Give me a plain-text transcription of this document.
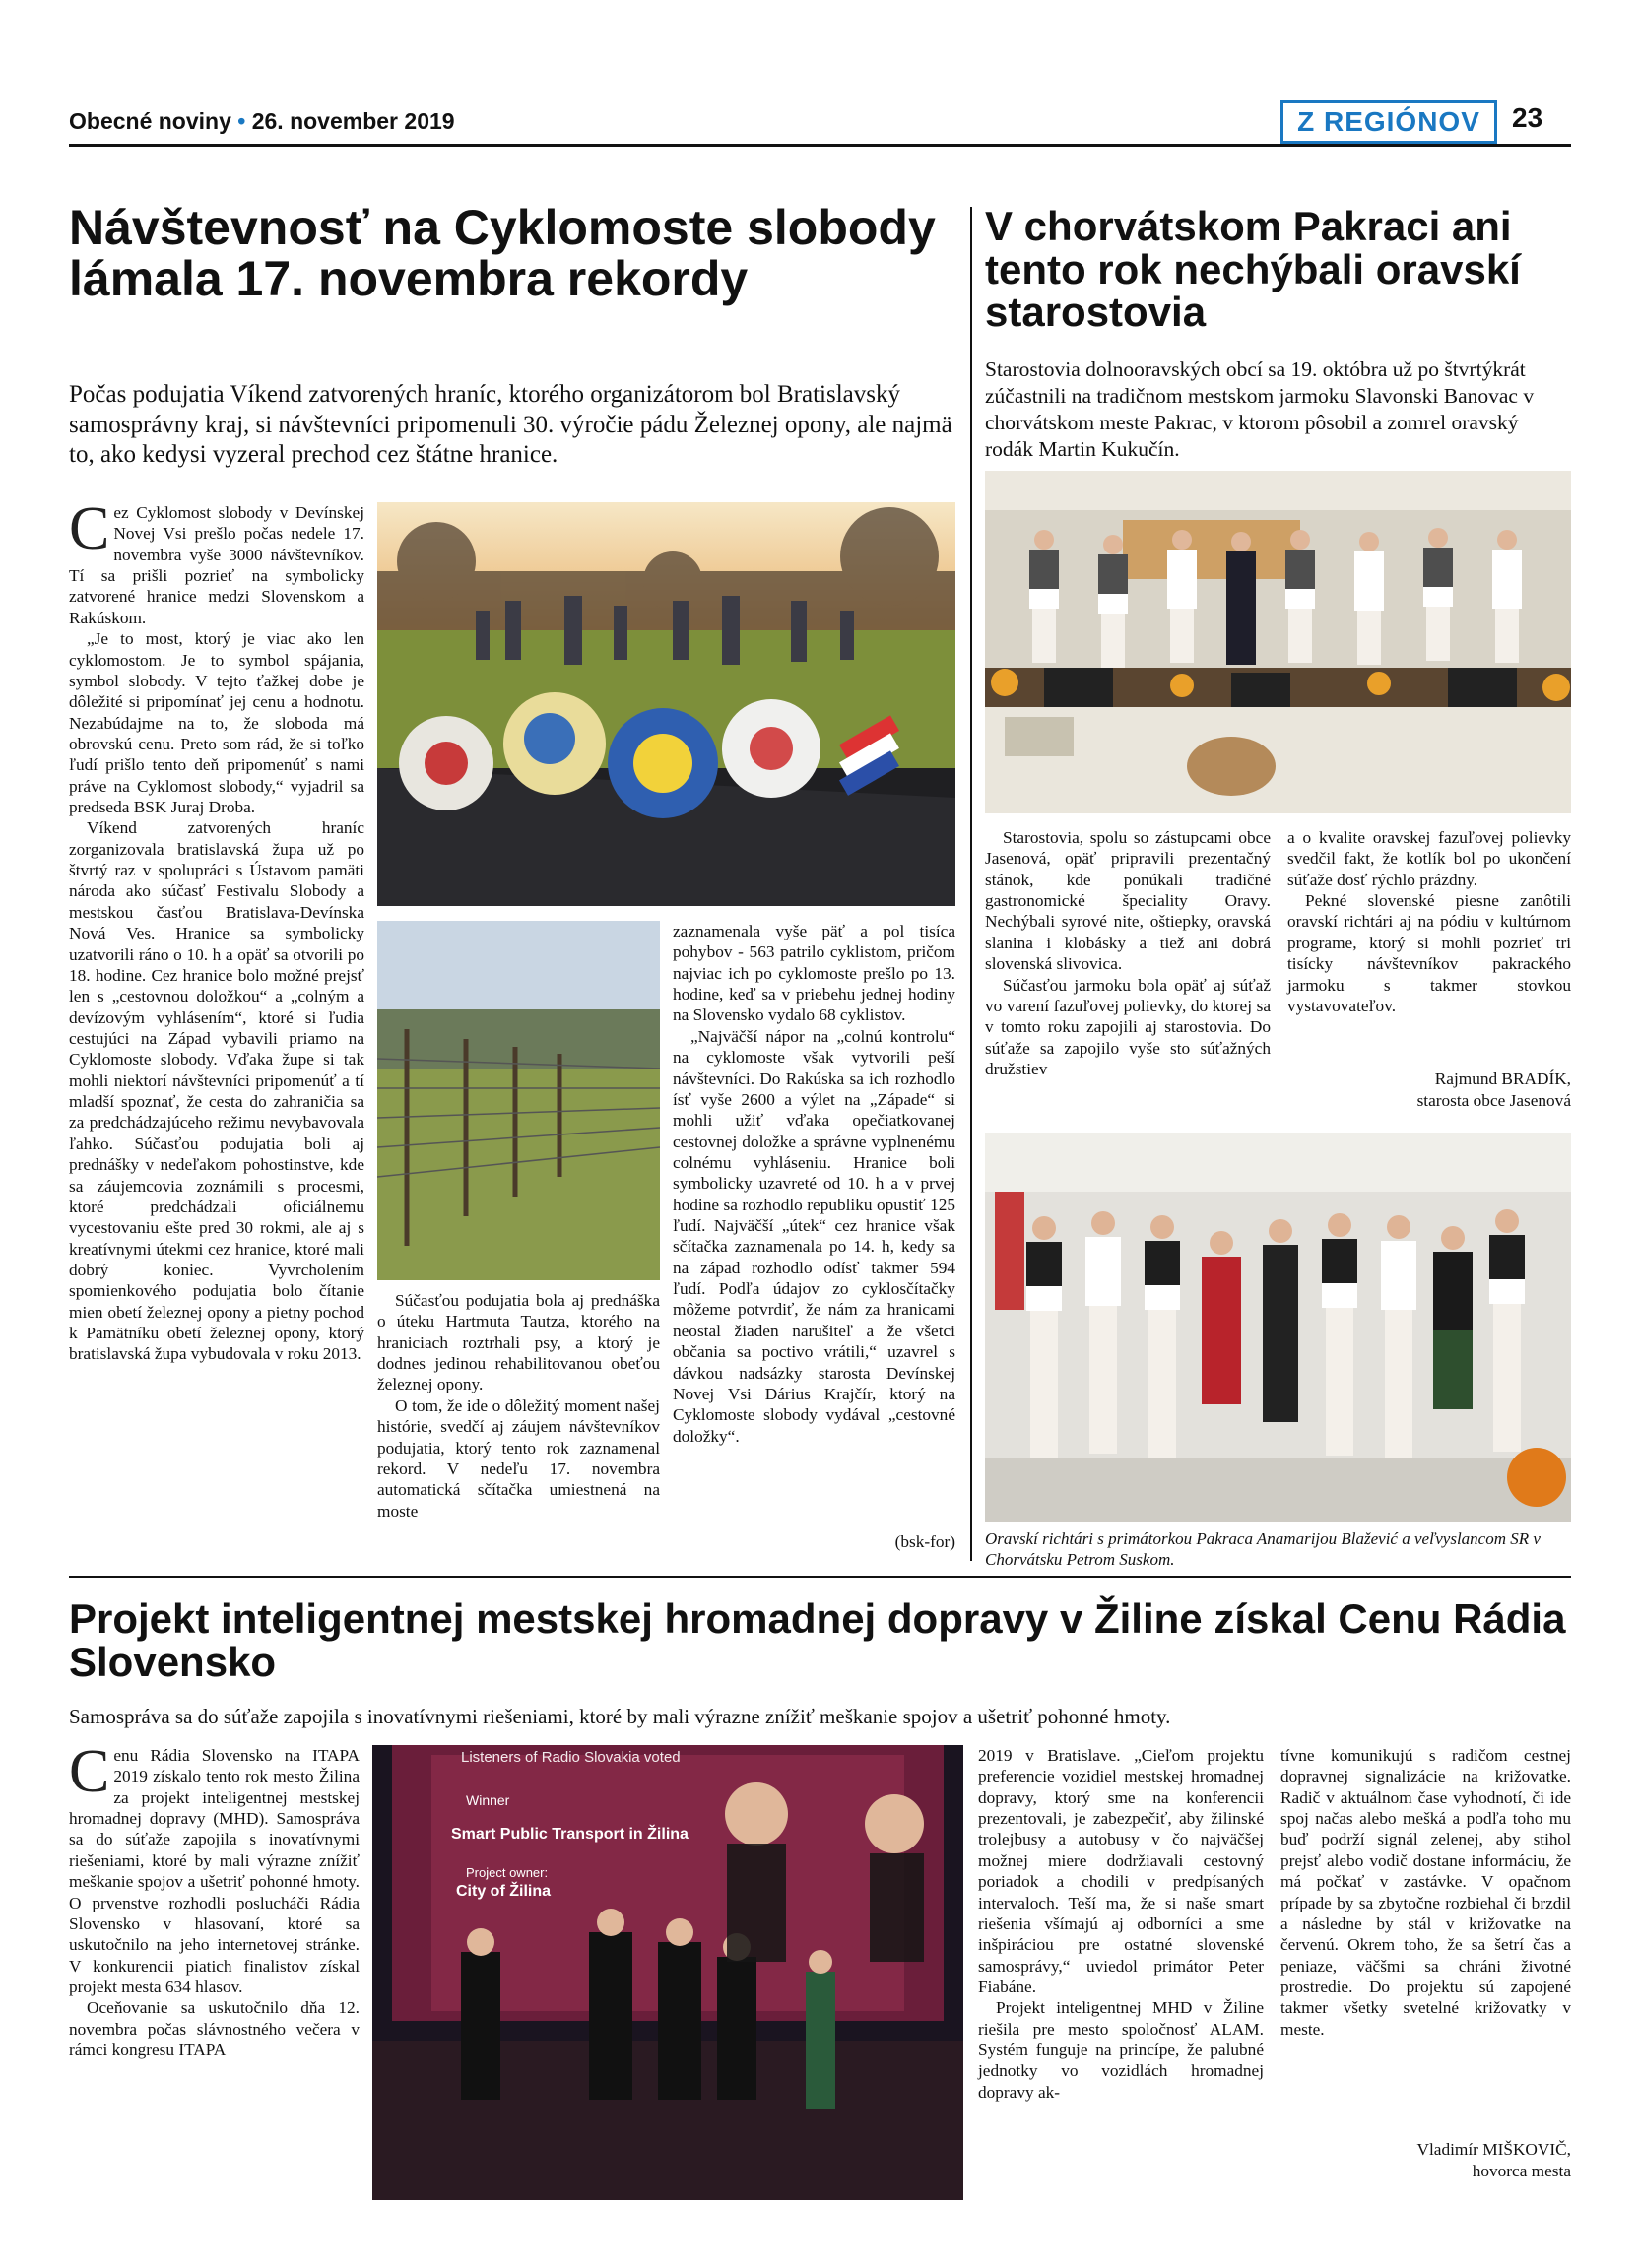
Obecné noviny • 26. november 2019	Z REGIÓNOV	23
Návštevnosť na Cyklomoste slobody lámala 17. novembra rekordy
Počas podujatia Víkend zatvorených hraníc, ktorého organizátorom bol Bratislavský samosprávny kraj, si návštevníci pripomenuli 30. výročie pádu Železnej opony, ale najmä to, ako kedysi vyzeral prechod cez štátne hranice.
C ez Cyklomost slobody v Devínskej Novej Vsi prešlo počas nedele 17. novembra vyše 3000 návštevníkov. Tí sa prišli pozrieť na symbolicky zatvorené hranice medzi Slovenskom a Rakúskom.

„Je to most, ktorý je viac ako len cyklomostom. Je to symbol spájania, symbol slobody. V tejto ťažkej dobe je dôležité si pripomínať jej cenu a hodnotu. Nezabúdajme na to, že sloboda má obrovskú cenu. Preto som rád, že si toľko ľudí prišlo tento deň pripomenúť s nami práve na Cyklomost slobody,“ vyjadril sa predseda BSK Juraj Droba.

Víkend zatvorených hraníc zorganizovala bratislavská župa už po štvrtý raz v spolupráci s Ústavom pamäti národa ako súčasť Festivalu Slobody a mestskou časťou Bratislava-Devínska Nová Ves. Hranice sa symbolicky uzatvorili ráno o 10. h a opäť sa otvorili po 18. hodine. Cez hranice bolo možné prejsť len s „cestovnou doložkou“ a „colným a devízovým vyhlásením“, ktoré si ľudia cestujúci na Západ vybavili priamo na Cyklomoste slobody. Vďaka župe si tak mohli niektorí návštevníci pripomenúť a tí mladší spoznať, že cesta do zahraničia sa za predchádzajúceho režimu nevybavovala ľahko. Súčasťou podujatia boli aj prednášky v nedeľakom pohostinstve, kde sa záujemcovia zoznámili s procesmi, ktoré predchádzali oficiálnemu vycestovaniu ešte pred 30 rokmi, ale aj s kreatívnymi útekmi cez hranice, ktoré mali dobrý koniec. Vyvrcholením spomienkového podujatia bolo čítanie mien obetí železnej opony a pietny pochod k Pamätníku obetí železnej opony, ktorý bratislavská župa vybudovala v roku 2013.

Súčasťou podujatia bola aj prednáška o úteku Hartmuta Tautza, ktorého na hraniciach roztrhali psy, a ktorý je dodnes jedinou rehabilitovanou obeťou železnej opony.

O tom, že ide o dôležitý moment našej histórie, svedčí aj záujem návštevníkov podujatia, ktorý tento rok zaznamenal rekord. V nedeľu 17. novembra automatická sčítačka umiestnená na moste

zaznamenala vyše päť a pol tisíca pohybov - 563 patrilo cyklistom, pričom najviac ich po cyklomoste prešlo po 13. hodine, keď sa v priebehu jednej hodiny na Slovensko vydalo 68 cyklistov.

„Najväčší nápor na „colnú kontrolu“ na cyklomoste však vytvorili peší návštevníci. Do Rakúska sa ich rozhodlo ísť vyše 2600 a výlet na „Západe“ si mohli užiť vďaka opečiatkovanej cestovnej doložke a správne vyplnenému colnému vyhláseniu. Hranice boli symbolicky uzavreté od 10. h a v prvej hodine sa rozhodlo republiku opustiť 125 ľudí. Najväčší „útek“ cez hranice však sčítačka zaznamenala po 14. h, kedy sa na západ rozhodlo odísť takmer 594 ľudí. Podľa údajov zo cyklosčítačky môžeme potvrdiť, že nám za hranicami neostal žiaden narušiteľ a že všetci občania sa poctivo vrátili,“ uzavrel s dávkou nadsázky starosta Devínskej Novej Vsi Dárius Krajčír, ktorý na Cyklomoste slobody vydával „cestovné doložky“.

(bsk-for)
V chorvátskom Pakraci ani tento rok nechýbali oravskí starostovia
Starostovia dolnooravských obcí sa 19. októbra už po štvrtýkrát zúčastnili na tradičnom mestskom jarmoku Slavonski Banovac v chorvátskom meste Pakrac, v ktorom pôsobil a zomrel oravský rodák Martin Kukučín.

Starostovia, spolu so zástupcami obce Jasenová, opäť pripravili prezentačný stánok, kde ponúkali tradičné gastronomické špeciality Oravy. Nechýbali syrové nite, oštiepky, oravská slanina i klobásky a tiež ani dobrá slovenská slivovica.

Súčasťou jarmoku bola opäť aj súťaž vo varení fazuľovej polievky, do ktorej sa v tomto roku zapojili aj starostovia. Do súťaže sa zapojilo vyše sto súťažných družstiev

a o kvalite oravskej fazuľovej polievky svedčil fakt, že kotlík bol po ukončení súťaže dosť rýchlo prázdny.

Pekné slovenské piesne zanôtili oravskí richtári aj na pódiu v kultúrnom programe, ktorý si mohli pozrieť tri tisícky návštevníkov pakrackého jarmoku s takmer stovkou vystavovateľov.

Rajmund BRADÍK,
starosta obce Jasenová
Oravskí richtári s primátorkou Pakraca Anamarijou Blažević a veľvyslancom SR v Chorvátsku Petrom Suskom.
Projekt inteligentnej mestskej hromadnej dopravy v Žiline získal Cenu Rádia Slovensko
Samospráva sa do súťaže zapojila s inovatívnymi riešeniami, ktoré by mali výrazne znížiť meškanie spojov a ušetriť pohonné hmoty.
C enu Rádia Slovensko na ITAPA 2019 získalo tento rok mesto Žilina za projekt inteligentnej mestskej hromadnej dopravy (MHD). Samospráva sa do súťaže zapojila s inovatívnymi riešeniami, ktoré by mali výrazne znížiť meškanie spojov a ušetriť pohonné hmoty. O prvenstve rozhodli poslucháči Rádia Slovensko v hlasovaní, ktoré sa uskutočnilo na jeho internetovej stránke. V konkurencii piatich finalistov získal projekt mesta 634 hlasov.

Oceňovanie sa uskutočnilo dňa 12. novembra počas slávnostného večera v rámci kongresu ITAPA

Listeners of Radio Slovakia voted
Winner
Smart Public Transport in Žilina
Project owner:
City of Žilina

2019 v Bratislave. „Cieľom projektu preferencie vozidiel mestskej hromadnej dopravy, ktorý sme na konferencii prezentovali, je zabezpečiť, aby žilinské trolejbusy a autobusy v čo najväčšej možnej miere dodržiavali cestovný poriadok a chodili v predpísaných intervaloch. Teší ma, že si naše smart riešenia všímajú aj odborníci a sme inšpiráciou pre ostatné slovenské samosprávy,“ uviedol primátor Peter Fiabáne.

Projekt inteligentnej MHD v Žiline riešila pre mesto spoločnosť ALAM. Systém funguje na princípe, že palubné jednotky vo vozidlách hromadnej dopravy ak-

tívne komunikujú s radičom cestnej dopravnej signalizácie na križovatke. Radič v aktuálnom čase vyhodnotí, či ide spoj načas alebo mešká a podľa toho mu buď podrží signál zelenej, aby stihol prejsť alebo vodič dostane informáciu, že má počkať v zastávke. V opačnom prípade by sa zbytočne rozbiehal či brzdil a následne by stál v križovatke na červenú. Okrem toho, že sa šetrí čas a peniaze, väčšmi sa chráni životné prostredie. Do projektu sú zapojené takmer všetky svetelné križovatky v meste.

Vladimír MIŠKOVIČ,
hovorca mesta
